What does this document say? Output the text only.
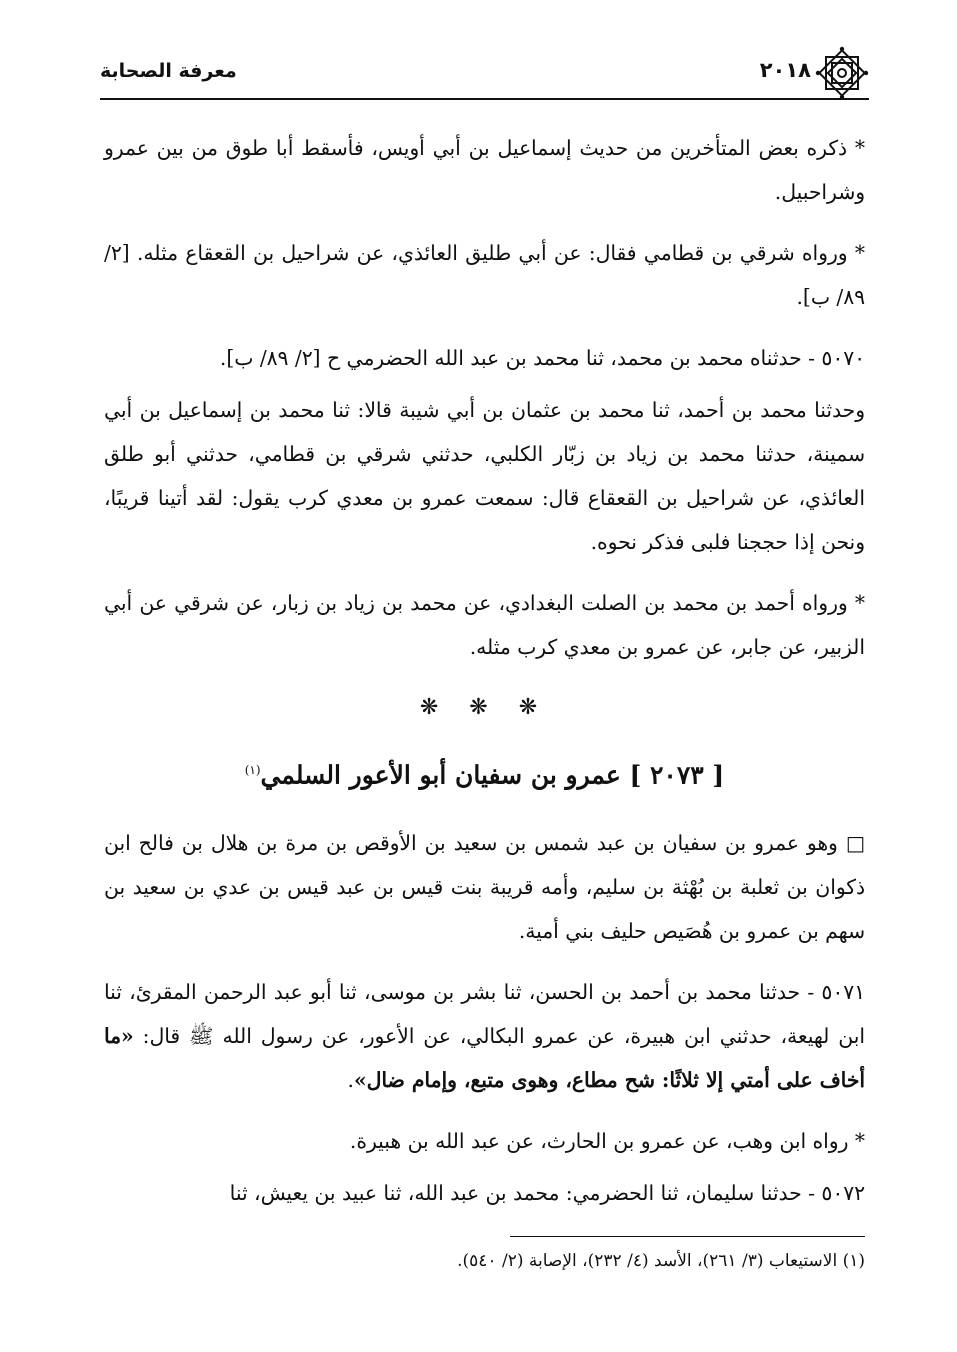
معرفة الصحابة	٢٠١٨

* ذكره بعض المتأخرين من حديث إسماعيل بن أبي أويس، فأسقط أبا طوق من بين عمرو وشراحبيل.

* ورواه شرقي بن قطامي فقال: عن أبي طليق العائذي، عن شراحيل بن القعقاع مثله. [٢/ ٨٩/ ب].

٥٠٧٠ - حدثناه محمد بن محمد، ثنا محمد بن عبد الله الحضرمي ح [٢/ ٨٩/ ب].

وحدثنا محمد بن أحمد، ثنا محمد بن عثمان بن أبي شيبة قالا: ثنا محمد بن إسماعيل بن أبي سمينة، حدثنا محمد بن زياد بن زبّار الكلبي، حدثني شرقي بن قطامي، حدثني أبو طلق العائذي، عن شراحيل بن القعقاع قال: سمعت عمرو بن معدي كرب يقول: لقد أتينا قريبًا، ونحن إذا حججنا فلبى فذكر نحوه.

* ورواه أحمد بن محمد بن الصلت البغدادي، عن محمد بن زياد بن زبار، عن شرقي عن أبي الزبير، عن جابر، عن عمرو بن معدي كرب مثله.

❋ ❋ ❋
[ ٢٠٧٣ ] عمرو بن سفيان أبو الأعور السلمي$^{(١)}$

□ وهو عمرو بن سفيان بن عبد شمس بن سعيد بن الأوقص بن مرة بن هلال بن فالح ابن ذكوان بن ثعلبة بن بُهْثة بن سليم، وأمه قريبة بنت قيس بن عبد قيس بن عدي بن سعيد بن سهم بن عمرو بن هُصَيص حليف بني أمية.

٥٠٧١ - حدثنا محمد بن أحمد بن الحسن، ثنا بشر بن موسى، ثنا أبو عبد الرحمن المقرئ، ثنا ابن لهيعة، حدثني ابن هبيرة، عن عمرو البكالي، عن الأعور، عن رسول الله ﷺ قال: «ما أخاف على أمتي إلا ثلاثًا: شح مطاع، وهوى متبع، وإمام ضال».

* رواه ابن وهب، عن عمرو بن الحارث، عن عبد الله بن هبيرة.

٥٠٧٢ - حدثنا سليمان، ثنا الحضرمي: محمد بن عبد الله، ثنا عبيد بن يعيش، ثنا

(١) الاستيعاب (٣/ ٢٦١)، الأسد (٤/ ٢٣٢)، الإصابة (٢/ ٥٤٠).
